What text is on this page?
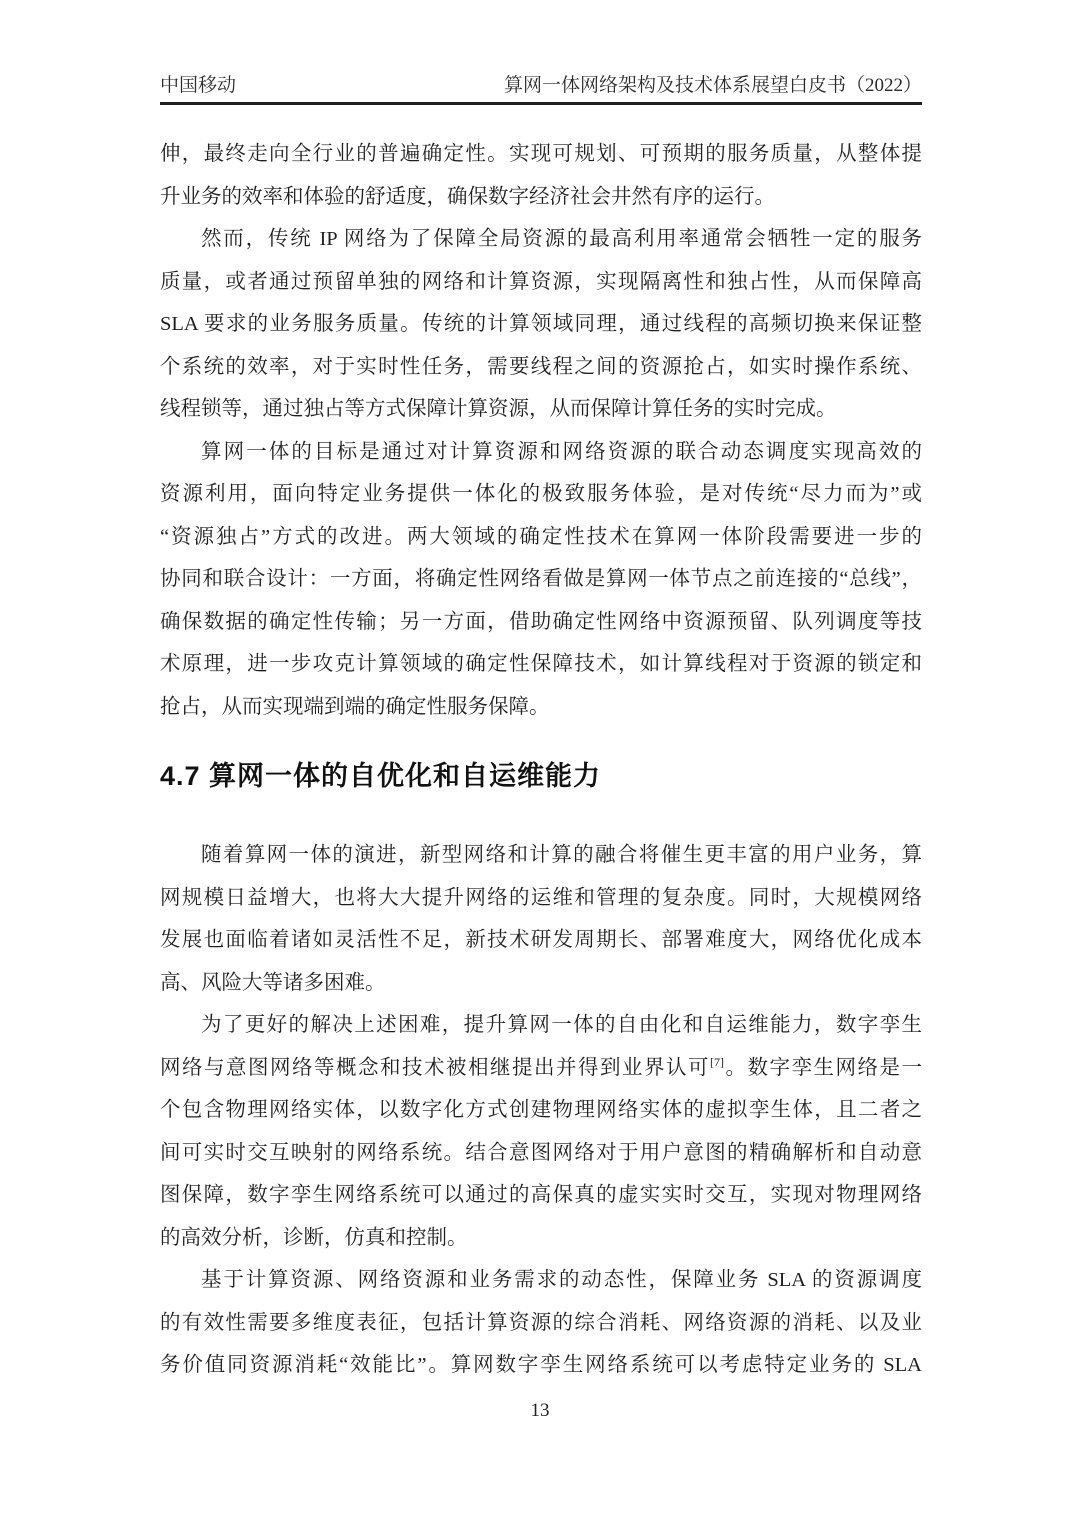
中国移动	算网一体网络架构及技术体系展望白皮书（2022）
伸，最终走向全行业的普遍确定性。实现可规划、可预期的服务质量，从整体提
升业务的效率和体验的舒适度，确保数字经济社会井然有序的运行。
然而，传统 IP 网络为了保障全局资源的最高利用率通常会牺牲一定的服务
质量，或者通过预留单独的网络和计算资源，实现隔离性和独占性，从而保障高
SLA 要求的业务服务质量。传统的计算领域同理，通过线程的高频切换来保证整
个系统的效率，对于实时性任务，需要线程之间的资源抢占，如实时操作系统、
线程锁等，通过独占等方式保障计算资源，从而保障计算任务的实时完成。
算网一体的目标是通过对计算资源和网络资源的联合动态调度实现高效的
资源利用，面向特定业务提供一体化的极致服务体验，是对传统“尽力而为”或
“资源独占”方式的改进。两大领域的确定性技术在算网一体阶段需要进一步的
协同和联合设计：一方面，将确定性网络看做是算网一体节点之前连接的“总线”，
确保数据的确定性传输；另一方面，借助确定性网络中资源预留、队列调度等技
术原理，进一步攻克计算领域的确定性保障技术，如计算线程对于资源的锁定和
抢占，从而实现端到端的确定性服务保障。
4.7 算网一体的自优化和自运维能力
随着算网一体的演进，新型网络和计算的融合将催生更丰富的用户业务，算
网规模日益增大，也将大大提升网络的运维和管理的复杂度。同时，大规模网络
发展也面临着诸如灵活性不足，新技术研发周期长、部署难度大，网络优化成本
高、风险大等诸多困难。
为了更好的解决上述困难，提升算网一体的自由化和自运维能力，数字孪生
网络与意图网络等概念和技术被相继提出并得到业界认可[7]。数字孪生网络是一
个包含物理网络实体，以数字化方式创建物理网络实体的虚拟孪生体，且二者之
间可实时交互映射的网络系统。结合意图网络对于用户意图的精确解析和自动意
图保障，数字孪生网络系统可以通过的高保真的虚实实时交互，实现对物理网络
的高效分析，诊断，仿真和控制。
基于计算资源、网络资源和业务需求的动态性，保障业务 SLA 的资源调度
的有效性需要多维度表征，包括计算资源的综合消耗、网络资源的消耗、以及业
务价值同资源消耗“效能比”。算网数字孪生网络系统可以考虑特定业务的 SLA
13
